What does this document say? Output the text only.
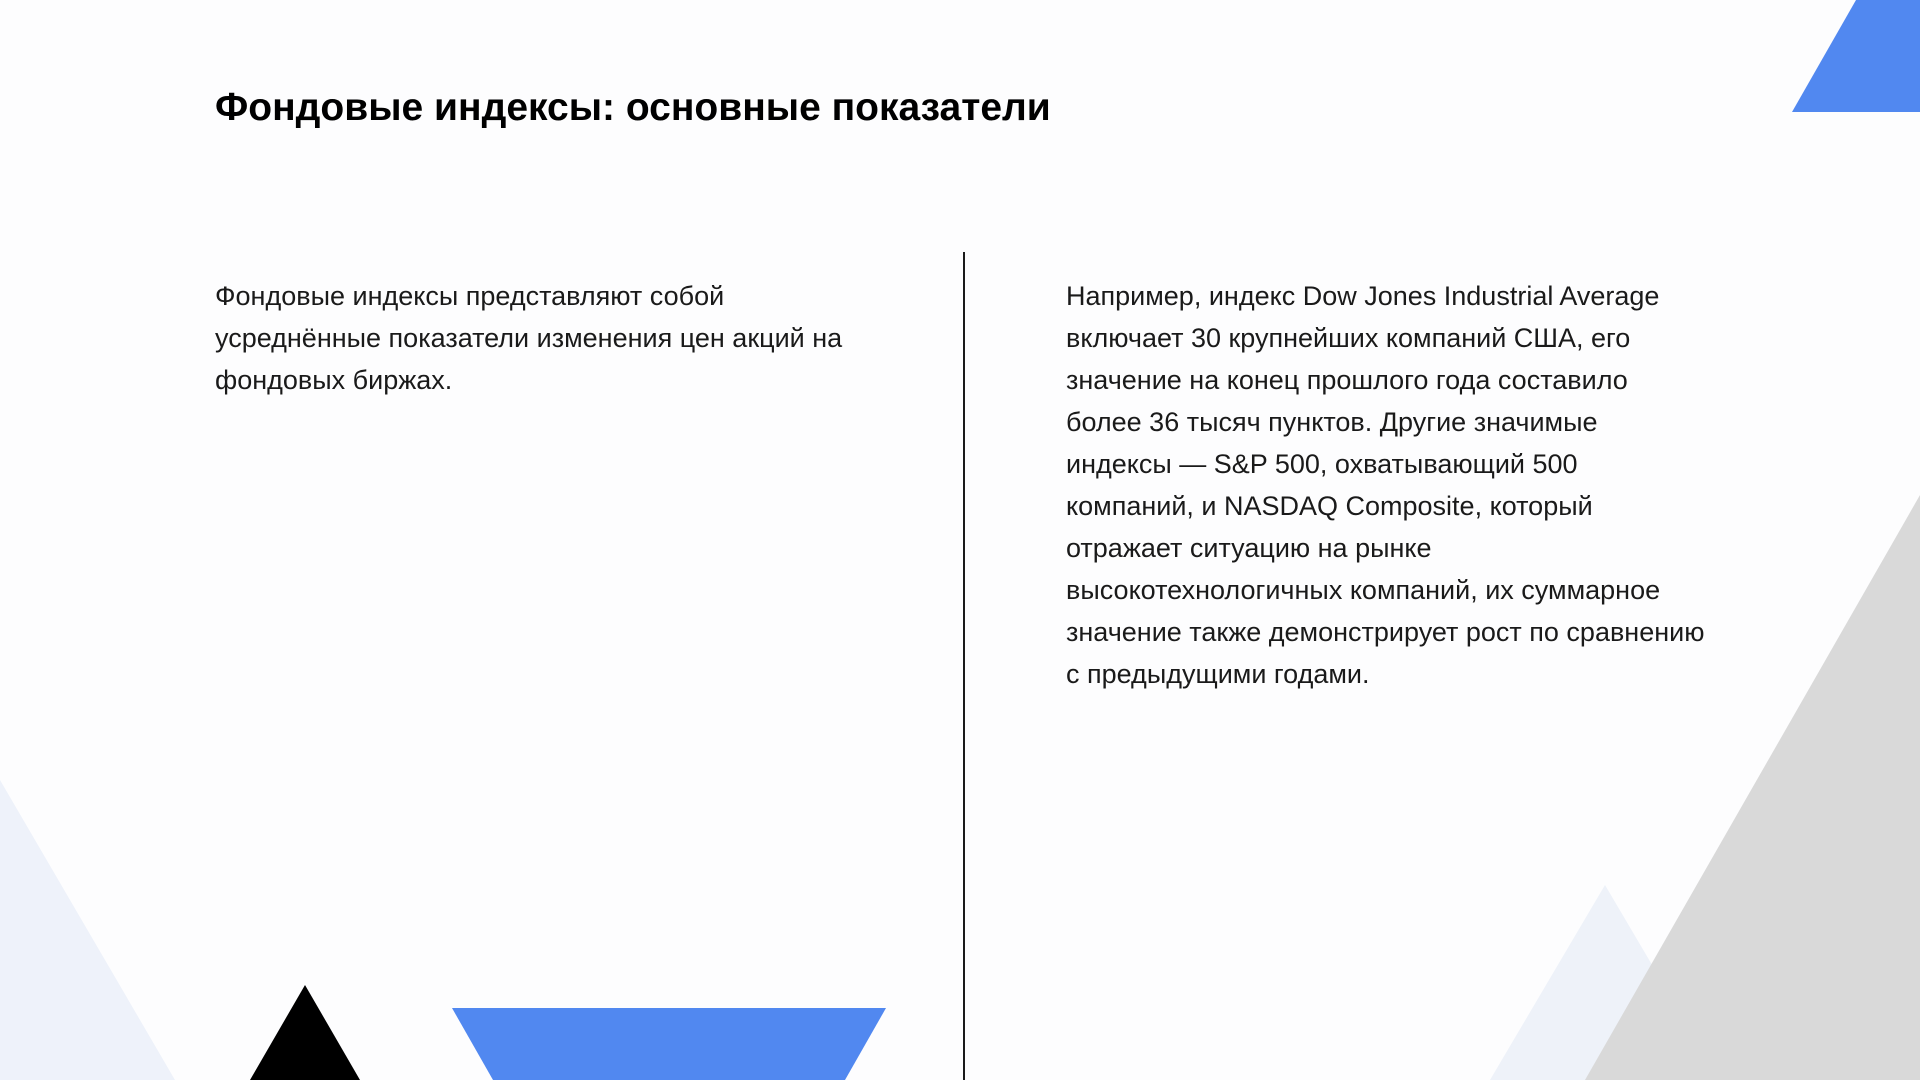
Фондовые индексы: основные показатели

Фондовые индексы представляют собой усреднённые показатели изменения цен акций на фондовых биржах.

Например, индекс Dow Jones Industrial Average включает 30 крупнейших компаний США, его значение на конец прошлого года составило более 36 тысяч пунктов. Другие значимые индексы — S&P 500, охватывающий 500 компаний, и NASDAQ Composite, который отражает ситуацию на рынке высокотехнологичных компаний, их суммарное значение также демонстрирует рост по сравнению с предыдущими годами.
